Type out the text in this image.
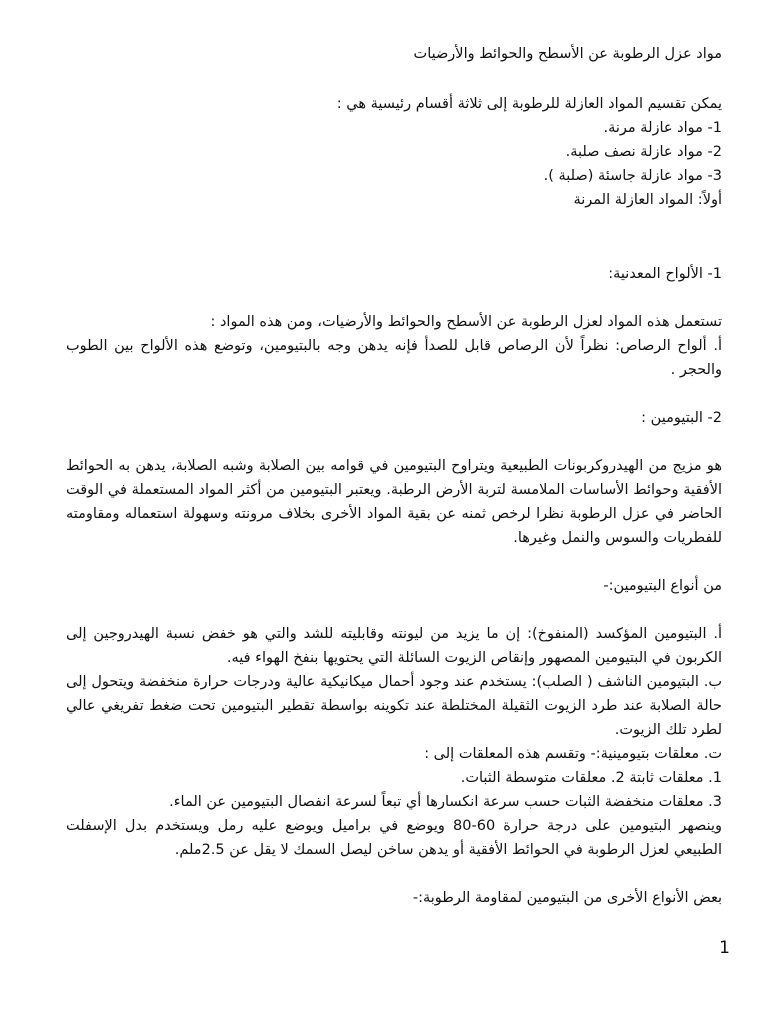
مواد عزل الرطوبة عن الأسطح والحوائط والأرضيات
يمكن تقسيم المواد العازلة للرطوبة إلى ثلاثة أقسام رئيسية هي :
1- مواد عازلة مرنة.
2- مواد عازلة نصف صلبة.
3- مواد عازلة جاسئة (صلبة ).
أولاً: المواد العازلة المرنة
1- الألواح المعدنية:
تستعمل هذه المواد لعزل الرطوبة عن الأسطح والحوائط والأرضيات، ومن هذه المواد :
أ. ألواح الرصاص: نظراً لأن الرصاص قابل للصدأ فإنه يدهن وجه بالبتيومين، وتوضع هذه الألواح بين الطوب والحجر .
2- البتيومين :
هو مزيج من الهيدروكربونات الطبيعية ويتراوح البتيومين في قوامه بين الصلابة وشبه الصلابة، يدهن به الحوائط الأفقية وحوائط الأساسات الملامسة لتربة الأرض الرطبة. ويعتبر البتيومين من أكثر المواد المستعملة في الوقت الحاضر في عزل الرطوبة نظرا لرخص ثمنه عن بقية المواد الأخرى بخلاف مرونته وسهولة استعماله ومقاومته للفطريات والسوس والنمل وغيرها.
من أنواع البتيومين:-
أ. البتيومين المؤكسد (المنفوخ): إن ما يزيد من ليونته وقابليته للشد والتي هو خفض نسبة الهيدروجين إلى الكربون في البتيومين المصهور وإنقاص الزيوت السائلة التي يحتويها بنفخ الهواء فيه.
ب. البتيومين الناشف ( الصلب): يستخدم عند وجود أحمال ميكانيكية عالية ودرجات حرارة منخفضة ويتحول إلى حالة الصلابة عند طرد الزيوت الثقيلة المختلطة عند تكوينه بواسطة تقطير البتيومين تحت ضغط تفريغي عالي لطرد تلك الزيوت.
ت. معلقات بتيومينية:- وتقسم هذه المعلقات إلى :
1. معلقات ثابتة 2. معلقات متوسطة الثبات.
3. معلقات منخفضة الثبات حسب سرعة انكسارها أي تبعاً لسرعة انفصال البتيومين عن الماء.
وينصهر البتيومين على درجة حرارة 60-80 ويوضع في براميل ويوضع عليه رمل ويستخدم بدل الإسفلت الطبيعي لعزل الرطوبة في الحوائط الأفقية أو يدهن ساخن ليصل السمك لا يقل عن 2.5ملم.
بعض الأنواع الأخرى من البتيومين لمقاومة الرطوبة:-
1
